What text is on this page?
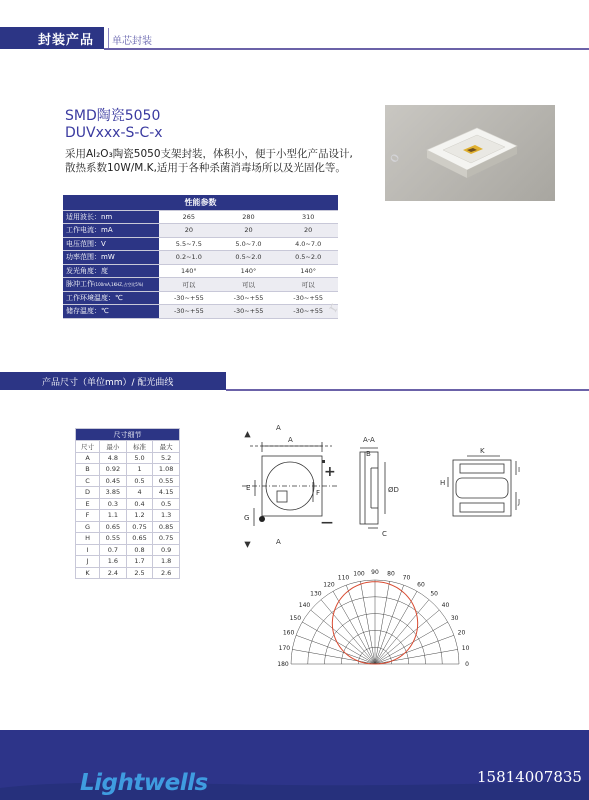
封装产品 单芯封装
SMD陶瓷5050
DUVxxx-S-C-x
采用Al₂O₃陶瓷5050支架封装，体积小，便于小型化产品设计,
散热系数10W/M.K,适用于各种杀菌消毒场所以及光固化等。
性能参数			
适用波长：nm	265	280	310
工作电流：mA	20	20	20
电压范围：V	5.5~7.5	5.0~7.0	4.0~7.0
功率范围：mW	0.2~1.0	0.5~2.0	0.5~2.0
发光角度：度	140°	140°	140°
脉冲工作(100mA,1KHZ,占空比5%)	可以	可以	可以
工作环境温度：℃	-30~+55	-30~+55	-30~+55
储存温度：℃	-30~+55	-30~+55	-30~+55
产品尺寸（单位mm）/ 配光曲线
尺寸细节			
尺寸	最小	标准	最大
A	4.8	5.0	5.2
B	0.92	1	1.08
C	0.45	0.5	0.55
D	3.85	4	4.15
E	0.3	0.4	0.5
F	1.1	1.2	1.3
G	0.65	0.75	0.85
H	0.55	0.65	0.75
I	0.7	0.8	0.9
J	1.6	1.7	1.8
K	2.4	2.5	2.6
A
+
—
E
G
F
A
A
A-A
B
ØD
C
K
H
I
J
60
50
40
30
20
10
0
110
100 90 80
70
120
130
140
150
160
170
180
o
r
Lightwells	15814007835
